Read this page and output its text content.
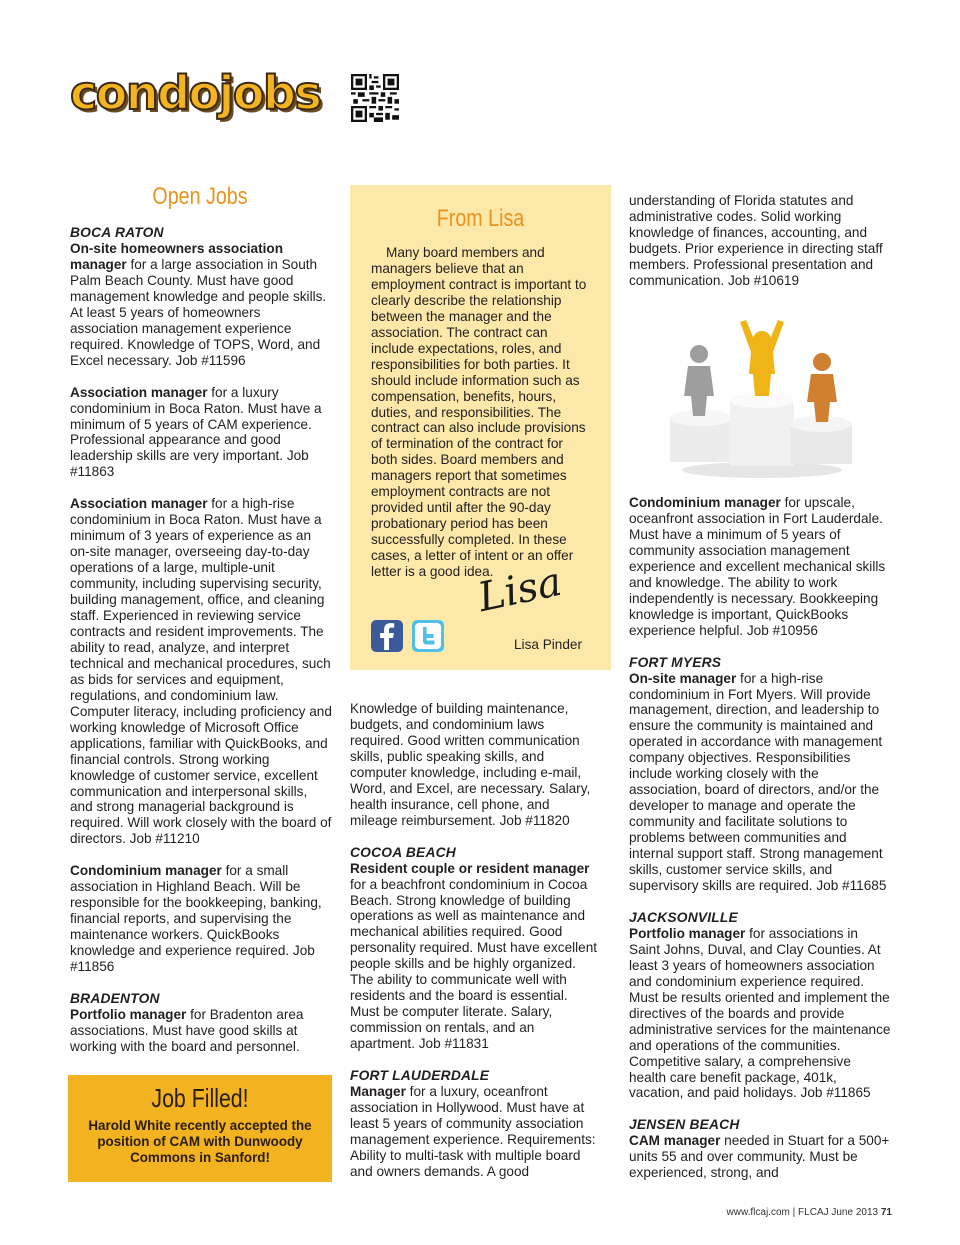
condojobs
Open Jobs
BOCA RATON

On-site homeowners association manager for a large association in South Palm Beach County. Must have good management knowledge and people skills. At least 5 years of homeowners association management experience required. Knowledge of TOPS, Word, and Excel necessary. Job #11596

Association manager for a luxury condominium in Boca Raton. Must have a minimum of 5 years of CAM experience. Professional appearance and good leadership skills are very important. Job #11863

Association manager for a high-rise condominium in Boca Raton. Must have a minimum of 3 years of experience as an on-site manager, overseeing day-to-day operations of a large, multiple-unit community, including supervising security, building management, office, and cleaning staff. Experienced in reviewing service contracts and resident improvements. The ability to read, analyze, and interpret technical and mechanical procedures, such as bids for services and equipment, regulations, and condominium law. Computer literacy, including proficiency and working knowledge of Microsoft Office applications, familiar with QuickBooks, and financial controls. Strong working knowledge of customer service, excellent communication and interpersonal skills, and strong managerial background is required. Will work closely with the board of directors. Job #11210

Condominium manager for a small association in Highland Beach. Will be responsible for the bookkeeping, banking, financial reports, and supervising the maintenance workers. QuickBooks knowledge and experience required. Job #11856

BRADENTON

Portfolio manager for Bradenton area associations. Must have good skills at working with the board and personnel.

Job Filled!
Harold White recently accepted the position of CAM with Dunwoody Commons in Sanford!
From Lisa
Many board members and managers believe that an employment contract is important to clearly describe the relationship between the manager and the association. The contract can include expectations, roles, and responsibilities for both parties. It should include information such as compensation, benefits, hours, duties, and responsibilities. The contract can also include provisions of termination of the contract for both sides. Board members and managers report that sometimes employment contracts are not provided until after the 90-day probationary period has been successfully completed. In these cases, a letter of intent or an offer letter is a good idea.
Lisa
Lisa Pinder

Knowledge of building maintenance, budgets, and condominium laws required. Good written communication skills, public speaking skills, and computer knowledge, including e-mail, Word, and Excel, are necessary. Salary, health insurance, cell phone, and mileage reimbursement. Job #11820

COCOA BEACH

Resident couple or resident manager for a beachfront condominium in Cocoa Beach. Strong knowledge of building operations as well as maintenance and mechanical abilities required. Good personality required. Must have excellent people skills and be highly organized. The ability to communicate well with residents and the board is essential. Must be computer literate. Salary, commission on rentals, and an apartment. Job #11831

FORT LAUDERDALE

Manager for a luxury, oceanfront association in Hollywood. Must have at least 5 years of community association management experience. Requirements: Ability to multi-task with multiple board and owners demands. A good

understanding of Florida statutes and administrative codes. Solid working knowledge of finances, accounting, and budgets. Prior experience in directing staff members. Professional presentation and communication. Job #10619

Condominium manager for upscale, oceanfront association in Fort Lauderdale. Must have a minimum of 5 years of community association management experience and excellent mechanical skills and knowledge. The ability to work independently is necessary. Bookkeeping knowledge is important, QuickBooks experience helpful. Job #10956

FORT MYERS

On-site manager for a high-rise condominium in Fort Myers. Will provide management, direction, and leadership to ensure the community is maintained and operated in accordance with management company objectives. Responsibilities include working closely with the association, board of directors, and/or the developer to manage and operate the community and facilitate solutions to problems between communities and internal support staff. Strong management skills, customer service skills, and supervisory skills are required. Job #11685

JACKSONVILLE

Portfolio manager for associations in Saint Johns, Duval, and Clay Counties. At least 3 years of homeowners association and condominium experience required. Must be results oriented and implement the directives of the boards and provide administrative services for the maintenance and operations of the communities. Competitive salary, a comprehensive health care benefit package, 401k, vacation, and paid holidays. Job #11865

JENSEN BEACH

CAM manager needed in Stuart for a 500+ units 55 and over community. Must be experienced, strong, and

www.flcaj.com | FLCAJ June 2013 71
